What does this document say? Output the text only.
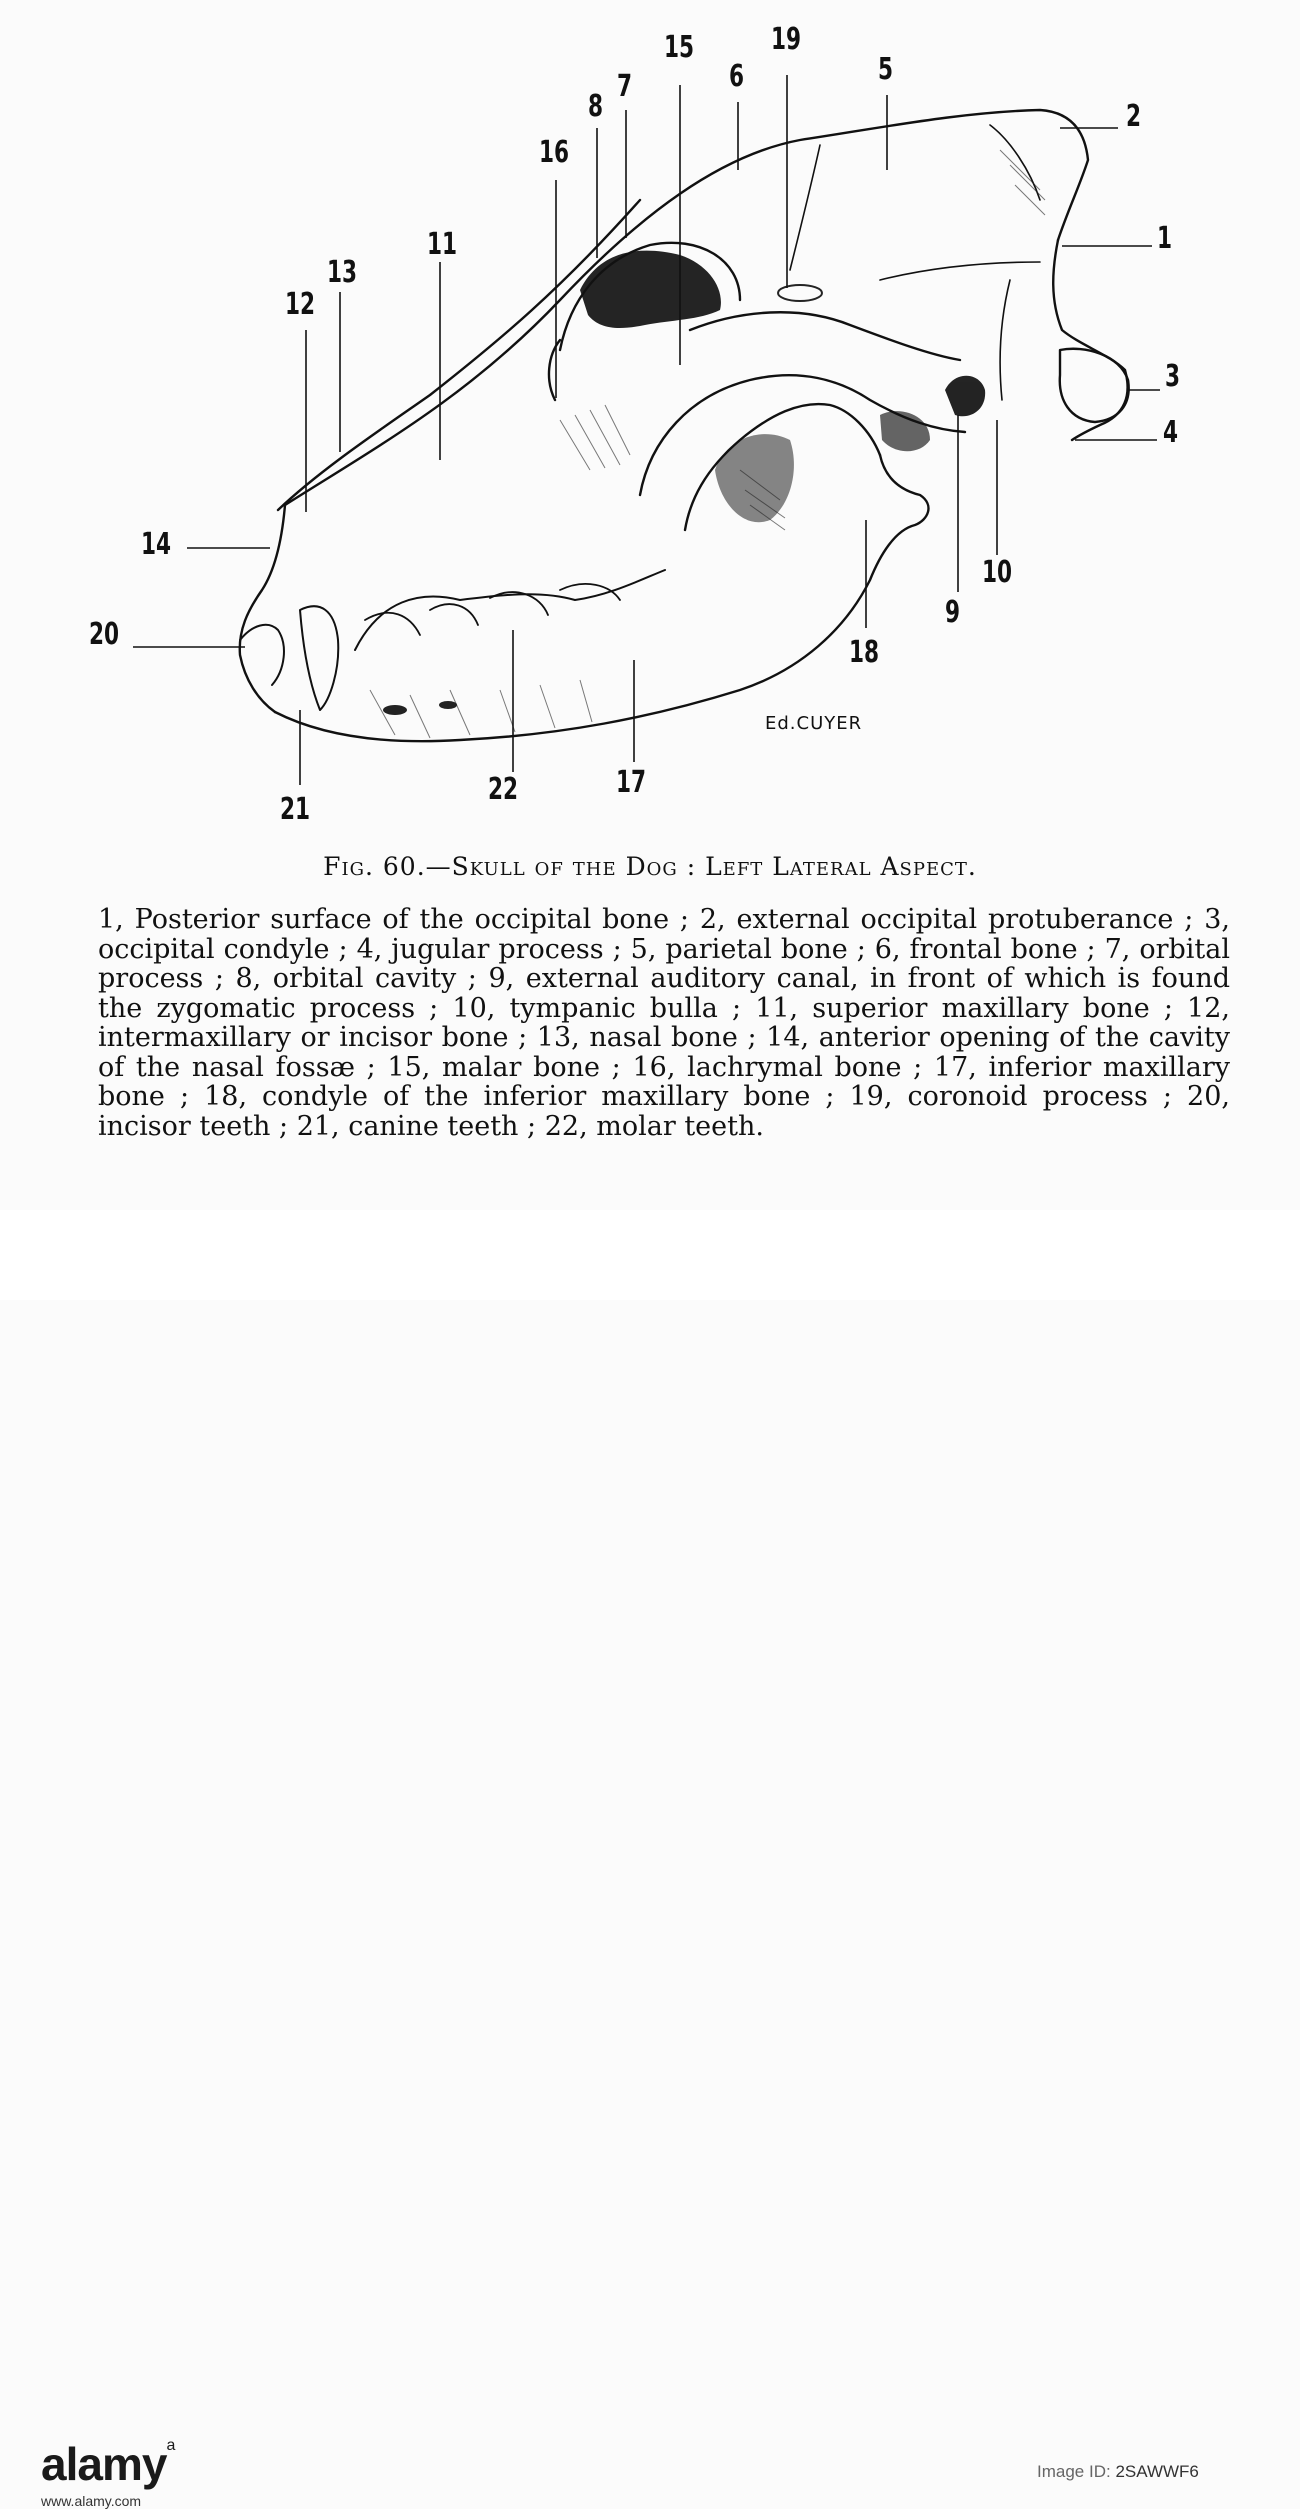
2
1
3
4
5
6
7
8
15	19
16
11
13
12
14
20
21
22	17
18
9
10
Ed.CUYER
Fig. 60.—Skull of the Dog : Left Lateral Aspect.
1, Posterior surface of the occipital bone ; 2, external occipital protuberance ; 3, occipital condyle ; 4, jugular process ; 5, parietal bone ; 6, frontal bone ; 7, orbital process ; 8, orbital cavity ; 9, external auditory canal, in front of which is found the zygomatic process ; 10, tympanic bulla ; 11, superior maxillary bone ; 12, intermaxillary or incisor bone ; 13, nasal bone ; 14, anterior opening of the cavity of the nasal fossæ ; 15, malar bone ; 16, lachrymal bone ; 17, inferior maxillary bone ; 18, condyle of the inferior maxillary bone ; 19, coronoid process ; 20, incisor teeth ; 21, canine teeth ; 22, molar teeth.
alamy$^a$
Image ID: 2SAWWF6
www.alamy.com
